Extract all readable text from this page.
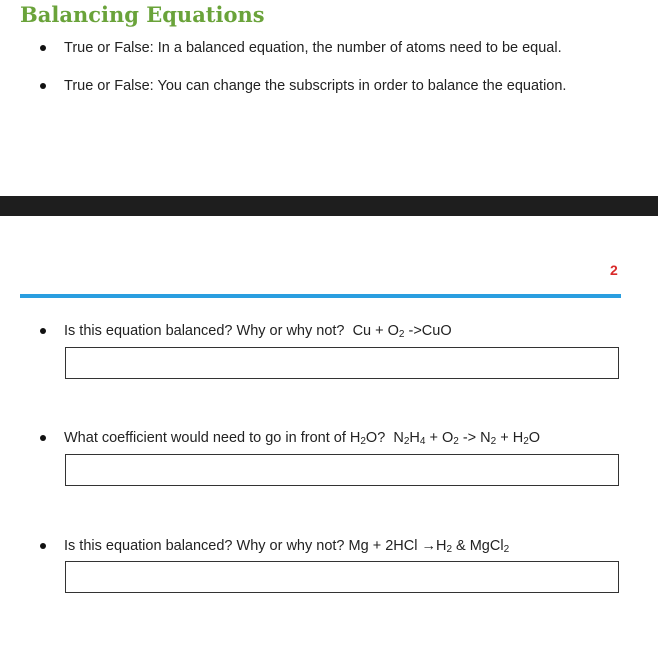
Balancing Equations
True or False: In a balanced equation, the number of atoms need to be equal.
True or False: You can change the subscripts in order to balance the equation.
2
Is this equation balanced? Why or why not? $Cu + O_2$ ->CuO
What coefficient would need to go in front of $H_2O$? $N_2H_4 + O_2 -> N_2 + H_2O$
Is this equation balanced? Why or why not? $Mg + 2HCl \to H_2$ & MgCl$_2$
